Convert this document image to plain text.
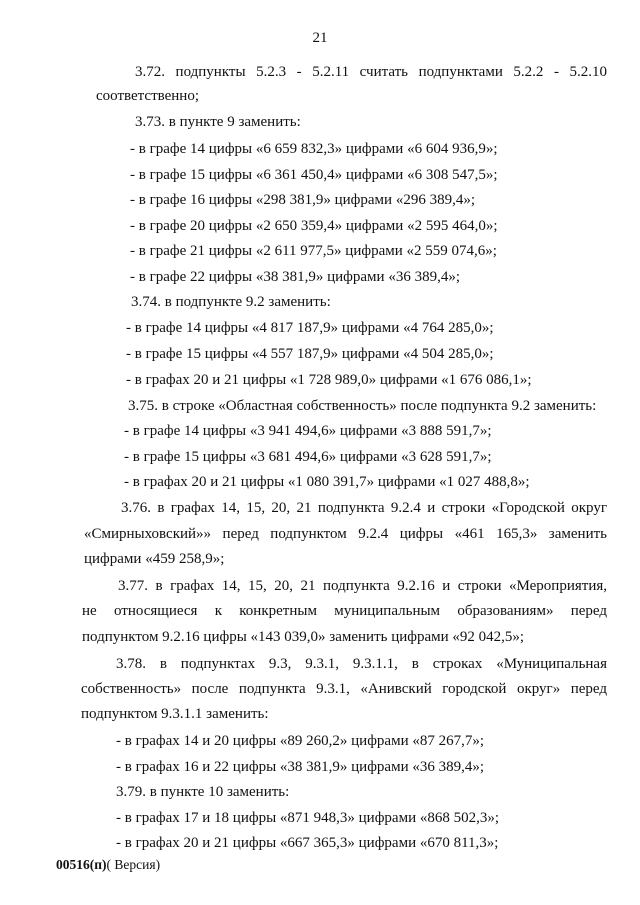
21
3.72. подпункты 5.2.3 - 5.2.11 считать подпунктами 5.2.2 - 5.2.10
соответственно;
3.73. в пункте 9 заменить:
- в графе 14 цифры «6 659 832,3» цифрами «6 604 936,9»;
- в графе 15 цифры «6 361 450,4» цифрами «6 308 547,5»;
- в графе 16 цифры «298 381,9» цифрами «296 389,4»;
- в графе 20 цифры «2 650 359,4» цифрами «2 595 464,0»;
- в графе 21 цифры «2 611 977,5» цифрами «2 559 074,6»;
- в графе 22 цифры «38 381,9» цифрами «36 389,4»;
3.74. в подпункте 9.2 заменить:
- в графе 14 цифры «4 817 187,9» цифрами «4 764 285,0»;
- в графе 15 цифры «4 557 187,9» цифрами «4 504 285,0»;
- в графах 20 и 21 цифры «1 728 989,0» цифрами «1 676 086,1»;
3.75. в строке «Областная собственность» после подпункта 9.2 заменить:
- в графе 14 цифры «3 941 494,6» цифрами «3 888 591,7»;
- в графе 15 цифры «3 681 494,6» цифрами «3 628 591,7»;
- в графах 20 и 21 цифры «1 080 391,7» цифрами «1 027 488,8»;
3.76. в графах 14, 15, 20, 21 подпункта 9.2.4 и строки «Городской округ
«Смирныховский»» перед подпунктом 9.2.4 цифры «461 165,3» заменить
цифрами «459 258,9»;
3.77. в графах 14, 15, 20, 21 подпункта 9.2.16 и строки «Мероприятия,
не относящиеся к конкретным муниципальным образованиям» перед
подпунктом 9.2.16 цифры «143 039,0» заменить цифрами «92 042,5»;
3.78. в подпунктах 9.3, 9.3.1, 9.3.1.1, в строках «Муниципальная
собственность» после подпункта 9.3.1, «Анивский городской округ» перед
подпунктом 9.3.1.1 заменить:
- в графах 14 и 20 цифры «89 260,2» цифрами «87 267,7»;
- в графах 16 и 22 цифры «38 381,9» цифрами «36 389,4»;
3.79. в пункте 10 заменить:
- в графах 17 и 18 цифры «871 948,3» цифрами «868 502,3»;
- в графах 20 и 21 цифры «667 365,3» цифрами «670 811,3»;
00516(п)( Версия)
